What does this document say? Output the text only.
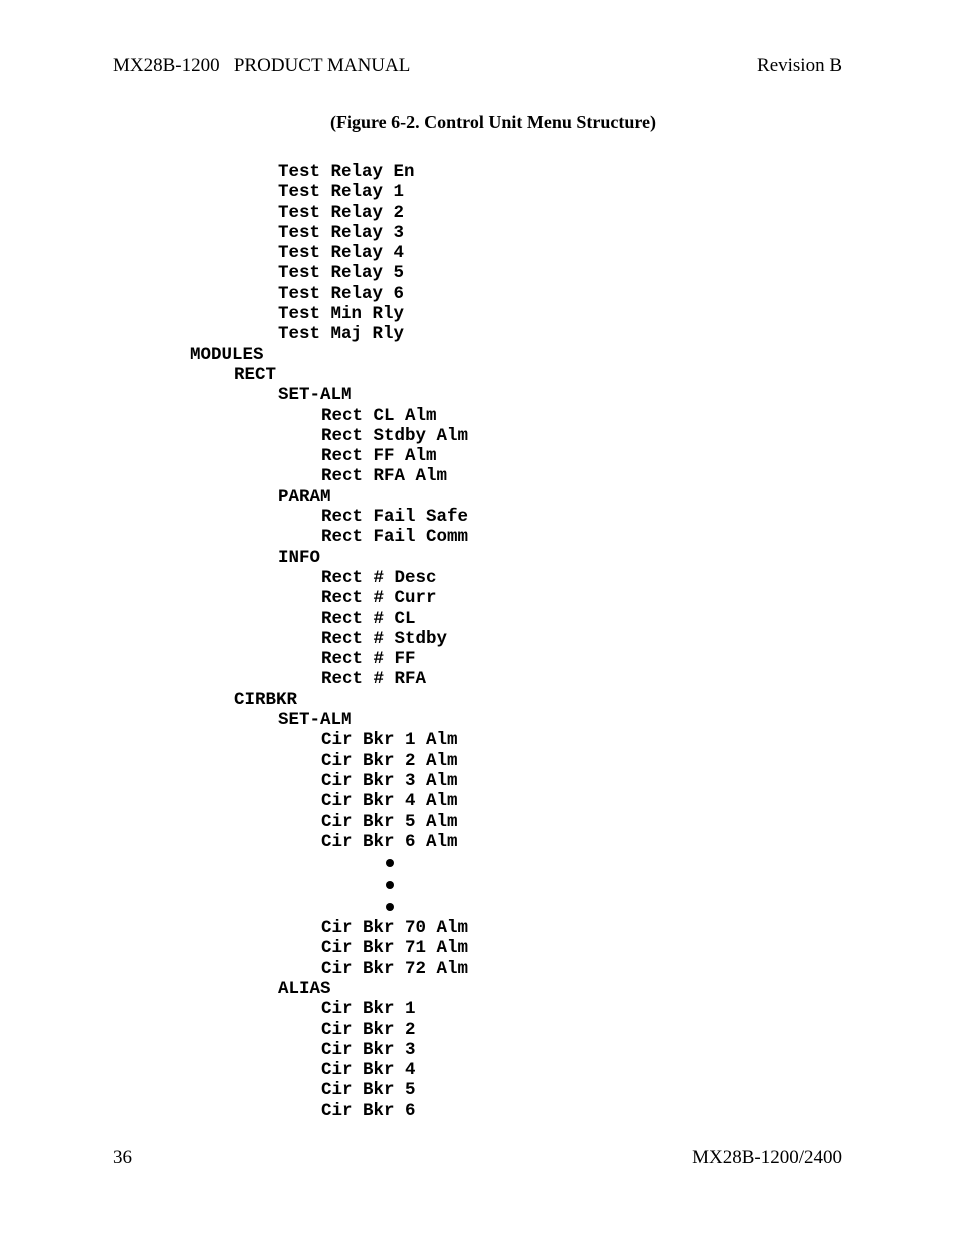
MX28B-1200   PRODUCT MANUAL	Revision B
(Figure 6-2. Control Unit Menu Structure)
Test Relay En
Test Relay 1
Test Relay 2
Test Relay 3
Test Relay 4
Test Relay 5
Test Relay 6
Test Min Rly
Test Maj Rly
MODULES
RECT
SET-ALM
Rect CL Alm
Rect Stdby Alm
Rect FF Alm
Rect RFA Alm
PARAM
Rect Fail Safe
Rect Fail Comm
INFO
Rect # Desc
Rect # Curr
Rect # CL
Rect # Stdby
Rect # FF
Rect # RFA
CIRBKR
SET-ALM
Cir Bkr 1 Alm
Cir Bkr 2 Alm
Cir Bkr 3 Alm
Cir Bkr 4 Alm
Cir Bkr 5 Alm
Cir Bkr 6 Alm
Cir Bkr 70 Alm
Cir Bkr 71 Alm
Cir Bkr 72 Alm
ALIAS
Cir Bkr 1
Cir Bkr 2
Cir Bkr 3
Cir Bkr 4
Cir Bkr 5
Cir Bkr 6
36	MX28B-1200/2400
